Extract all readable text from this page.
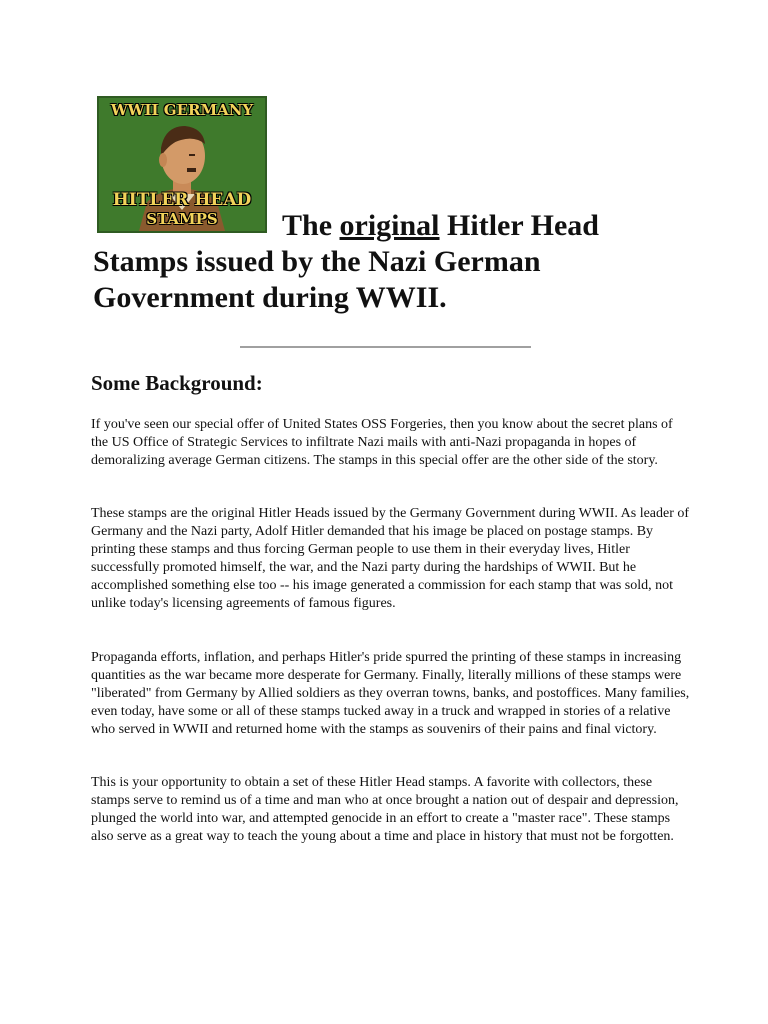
WWII GERMANY
HITLER HEAD
STAMPS	The original Hitler Head
Stamps issued by the Nazi German
Government during WWII.
Some Background:

If you've seen our special offer of United States OSS Forgeries, then you know about the secret plans of the US Office of Strategic Services to infiltrate Nazi mails with anti-Nazi propaganda in hopes of demoralizing average German citizens. The stamps in this special offer are the other side of the story.

These stamps are the original Hitler Heads issued by the Germany Government during WWII. As leader of Germany and the Nazi party, Adolf Hitler demanded that his image be placed on postage stamps. By printing these stamps and thus forcing German people to use them in their everyday lives, Hitler successfully promoted himself, the war, and the Nazi party during the hardships of WWII. But he accomplished something else too -- his image generated a commission for each stamp that was sold, not unlike today's licensing agreements of famous figures.

Propaganda efforts, inflation, and perhaps Hitler's pride spurred the printing of these stamps in increasing quantities as the war became more desperate for Germany. Finally, literally millions of these stamps were "liberated" from Germany by Allied soldiers as they overran towns, banks, and postoffices. Many families, even today, have some or all of these stamps tucked away in a truck and wrapped in stories of a relative who served in WWII and returned home with the stamps as souvenirs of their pains and final victory.

This is your opportunity to obtain a set of these Hitler Head stamps. A favorite with collectors, these stamps serve to remind us of a time and man who at once brought a nation out of despair and depression, plunged the world into war, and attempted genocide in an effort to create a "master race". These stamps also serve as a great way to teach the young about a time and place in history that must not be forgotten.
